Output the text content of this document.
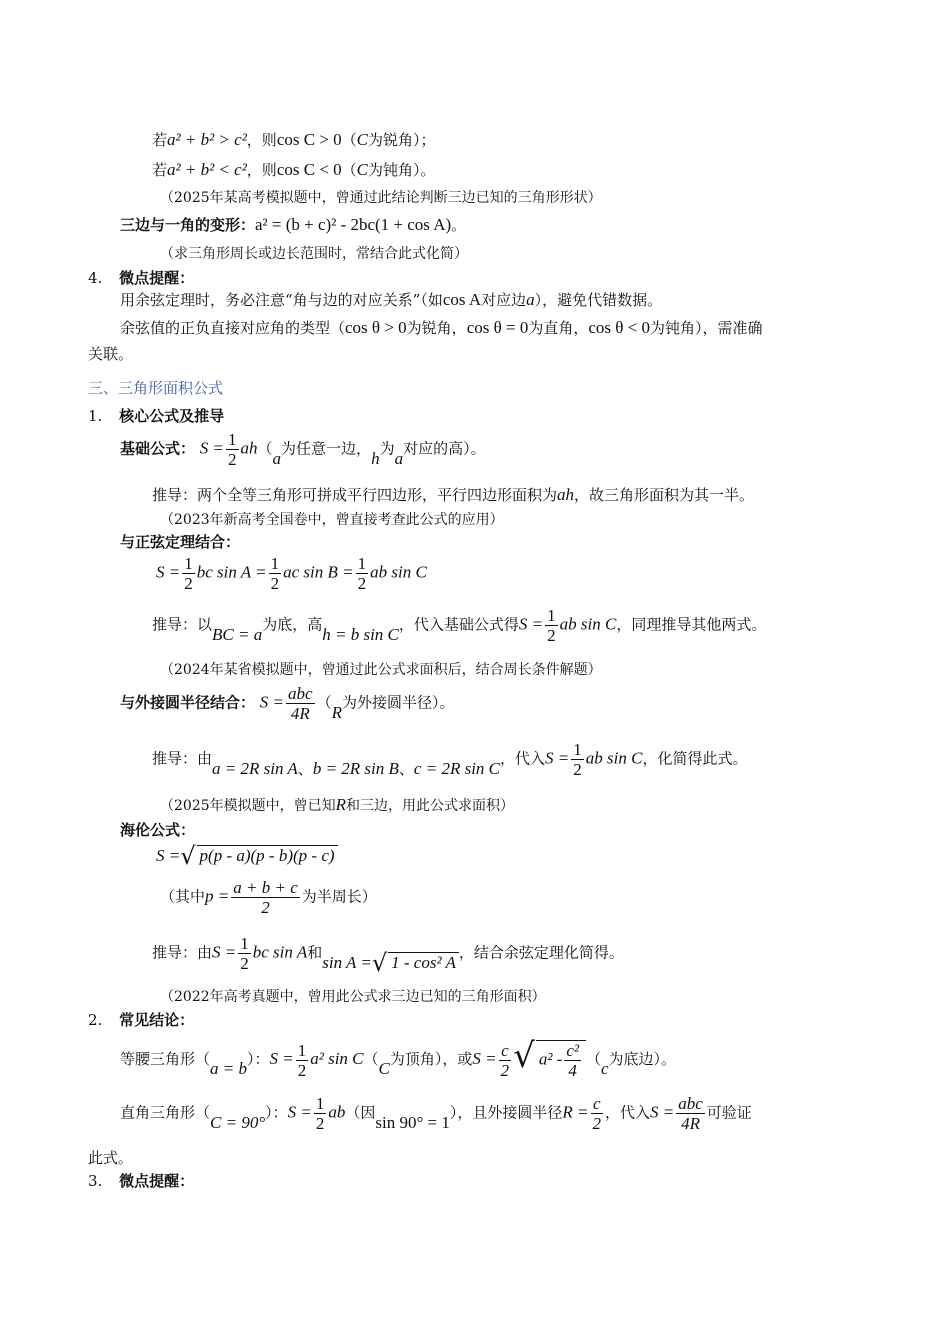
若a² + b² > c²，则cos C > 0（C为锐角）；
若a² + b² < c²，则cos C < 0（C为钝角）。
（2025年某高考模拟题中，曾通过此结论判断三边已知的三角形形状）
三边与一角的变形：a² = (b + c)² - 2bc(1 + cos A)。
（求三角形周长或边长范围时，常结合此式化简）
4. 微点提醒：
用余弦定理时，务必注意“角与边的对应关系”（如cos A对应边a），避免代错数据。
余弦值的正负直接对应角的类型（cos θ > 0为锐角，cos θ = 0为直角，cos θ < 0为钝角），需准确
关联。
三、三角形面积公式
1. 核心公式及推导
基础公式： $S = \frac{1}{2} ah(a$为任意一边，h为a对应的高）。
推导：两个全等三角形可拼成平行四边形，平行四边形面积为ah，故三角形面积为其一半。
（2023年新高考全国卷中，曾直接考查此公式的应用）
与正弦定理结合：
$S = \frac{1}{2}$ bc $\sin A = \frac{1}{2}$ ac $\sin B = \frac{1}{2}$ ab sin C
推导：以BC = a为底，高h = b sin C，代入基础公式得$S = \frac{1}{2}$ ab sin C，同理推导其他两式。
（2024年某省模拟题中，曾通过此公式求面积后，结合周长条件解题）
与外接圆半径结合： $S = \frac{\text{abc}}{4R} (R$为外接圆半径）。
推导：由a = 2R sin A、b = 2R sin B、c = 2R sin C，代入$S = \frac{1}{2}$ ab sin C，化简得此式。
（2025年模拟题中，曾已知R和三边，用此公式求面积）
海伦公式：
S =√ p(p - a)(p - b)(p - c)
（其中$p = \frac{a + b + c}{2}$ 为半周长）
推导：由$S = \frac{1}{2}$ bc sin A和sin A =√ 1 - cos² A ，结合余弦定理化简得。
（2022年高考真题中，曾用此公式求三边已知的三角形面积）
2. 常见结论：
等腰三角形（a = b）：$S = \frac{1}{2} a^2$ sin C（C为顶角），或$S = \frac{c}{2}$ √ $a^2 - \frac{\text{c²}}{4} (c$为底边）。
直角三角形（C = 90°）：$S = \frac{1}{2} ab$（因sin 90° = 1），且外接圆半径$R = \frac{c}{2}$ ，代入$S = \frac{\text{abc}}{4R}$ 可验证
此式。
3. 微点提醒：
